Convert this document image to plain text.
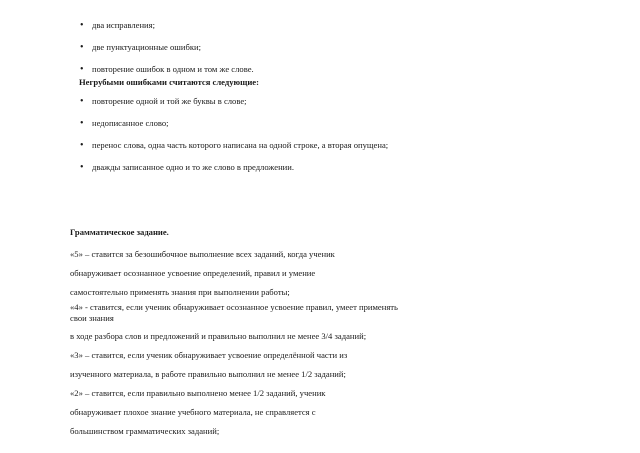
• два исправления;
• две пунктуационные ошибки;
• повторение ошибок в одном и том же слове.

Негрубыми ошибками считаются следующие:

• повторение одной и той же буквы в слове;
• недописанное слово;
• перенос слова, одна часть которого написана на одной строке, а вторая опущена;
• дважды записанное одно и то же слово в предложении.

Грамматическое задание.

«5» – ставится за безошибочное выполнение всех заданий, когда ученик

обнаруживает осознанное усвоение определений, правил и умение

самостоятельно применять знания при выполнении работы;

«4» - ставится, если ученик обнаруживает осознанное усвоение правил, умеет применять свои знания

в ходе разбора слов и предложений и правильно выполнил не менее 3/4 заданий;

«3» – ставится, если ученик обнаруживает усвоение определённой части из

изученного материала, в работе правильно выполнил не менее 1/2 заданий;

«2» – ставится, если правильно выполнено менее 1/2 заданий, ученик

обнаруживает плохое знание учебного материала, не справляется с

большинством грамматических заданий;
